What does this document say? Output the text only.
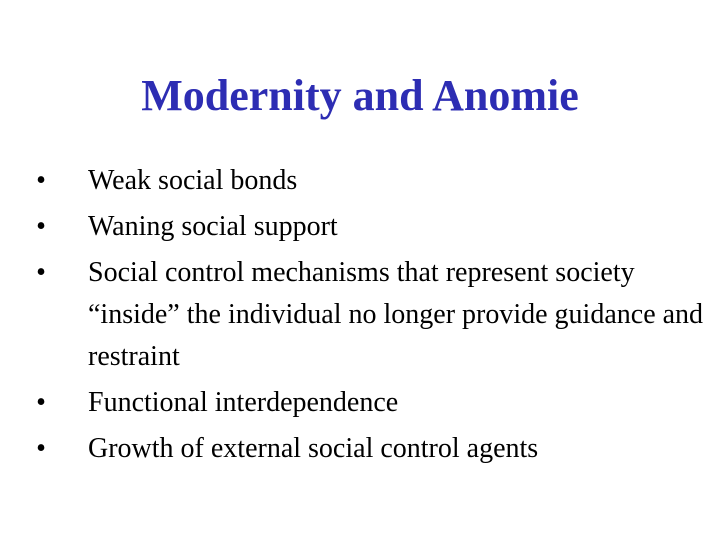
Modernity and Anomie
•	Weak social bonds
•	Waning social support
•	Social control mechanisms that represent society “inside” the individual no longer provide guidance and restraint
•	Functional interdependence
•	Growth of external social control agents
